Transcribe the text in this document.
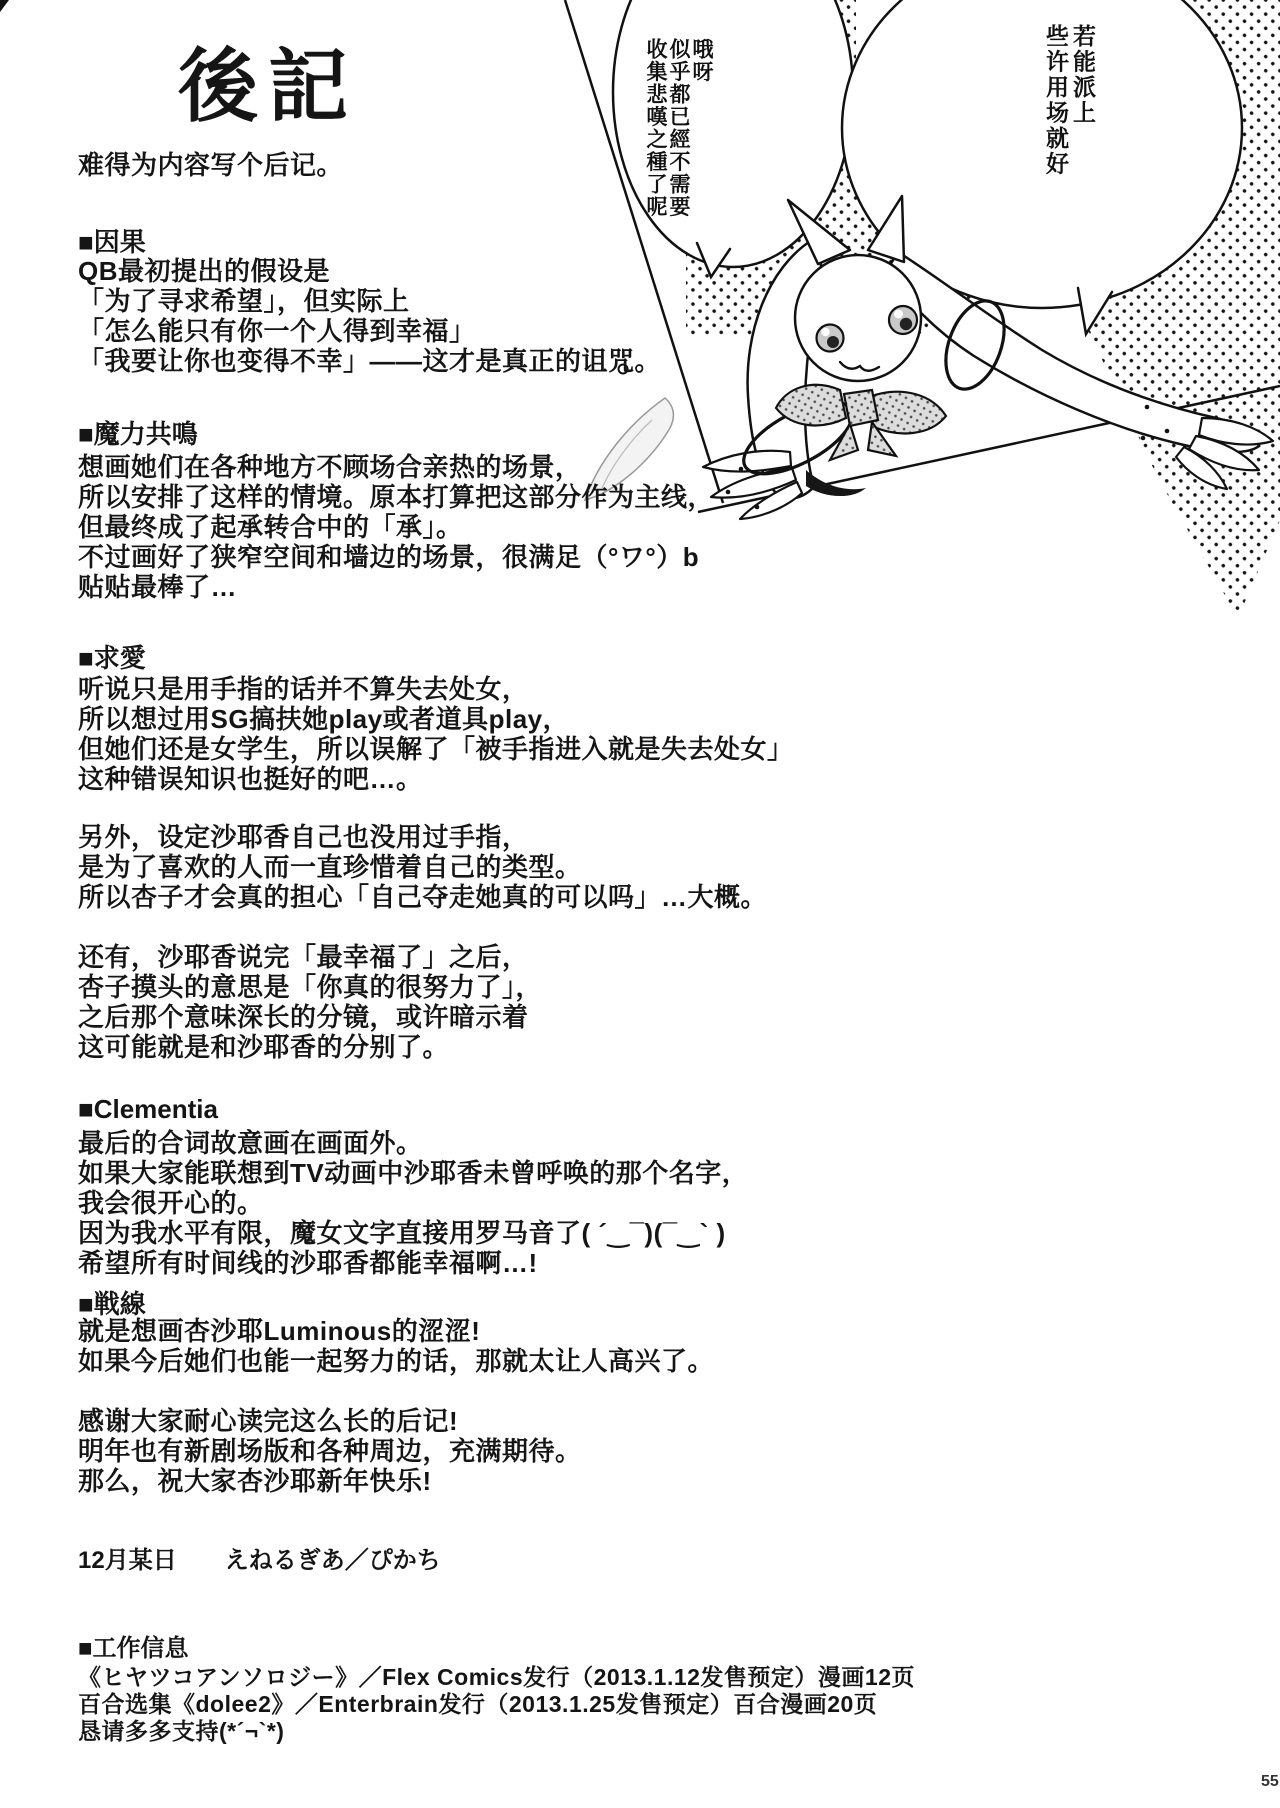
哦呀
似乎都已經不需要
收集悲嘆之種了呢	若能派上
些许用场就好
後記
难得为内容写个后记。
■因果
QB最初提出的假设是
「为了寻求希望」，但实际上
「怎么能只有你一个人得到幸福」
「我要让你也变得不幸」——这才是真正的诅咒。
■魔力共鳴
想画她们在各种地方不顾场合亲热的场景，
所以安排了这样的情境。原本打算把这部分作为主线，
但最终成了起承转合中的「承」。
不过画好了狭窄空间和墙边的场景，很满足（°ワ°）b
贴贴最棒了…
■求愛
听说只是用手指的话并不算失去处女，
所以想过用SG搞扶她play或者道具play，
但她们还是女学生，所以误解了「被手指进入就是失去处女」
这种错误知识也挺好的吧…。
另外，设定沙耶香自己也没用过手指，
是为了喜欢的人而一直珍惜着自己的类型。
所以杏子才会真的担心「自己夺走她真的可以吗」…大概。
还有，沙耶香说完「最幸福了」之后，
杏子摸头的意思是「你真的很努力了」，
之后那个意味深长的分镜，或许暗示着
这可能就是和沙耶香的分别了。
■Clementia
最后的合词故意画在画面外。
如果大家能联想到TV动画中沙耶香未曾呼唤的那个名字，
我会很开心的。
因为我水平有限，魔女文字直接用罗马音了( ´‿¯)(¯‿` )
希望所有时间线的沙耶香都能幸福啊…!
■戦線
就是想画杏沙耶Luminous的涩涩!
如果今后她们也能一起努力的话，那就太让人高兴了。
感谢大家耐心读完这么长的后记!
明年也有新剧场版和各种周边，充满期待。
那么，祝大家杏沙耶新年快乐!
12月某日　　えねるぎあ／ぴかち
■工作信息
《ヒヤツコアンソロジー》／Flex Comics发行（2013.1.12发售预定）漫画12页
百合选集《dolee2》／Enterbrain发行（2013.1.25发售预定）百合漫画20页
恳请多多支持(*´¬`*)
55
